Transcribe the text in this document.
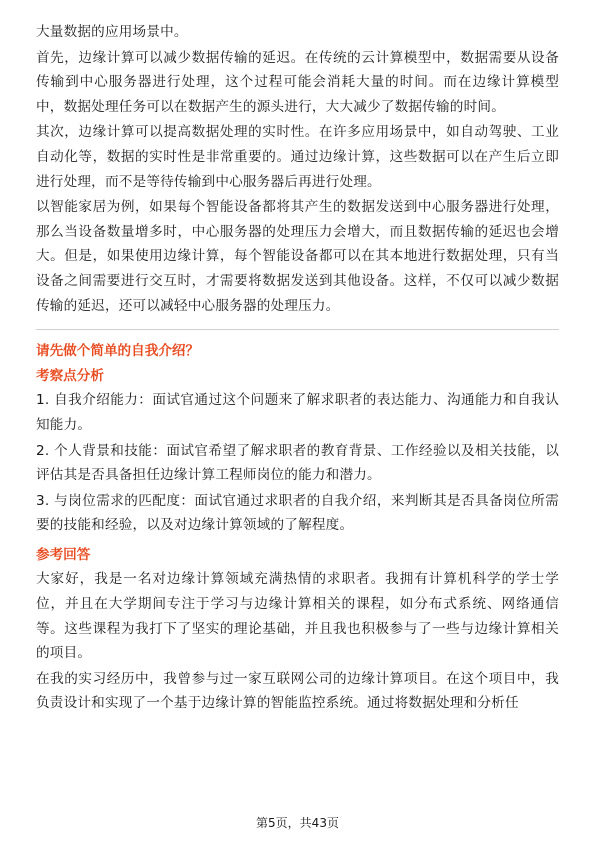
大量数据的应用场景中。

首先，边缘计算可以减少数据传输的延迟。在传统的云计算模型中，数据需要从设备传输到中心服务器进行处理，这个过程可能会消耗大量的时间。而在边缘计算模型中，数据处理任务可以在数据产生的源头进行，大大减少了数据传输的时间。

其次，边缘计算可以提高数据处理的实时性。在许多应用场景中，如自动驾驶、工业自动化等，数据的实时性是非常重要的。通过边缘计算，这些数据可以在产生后立即进行处理，而不是等待传输到中心服务器后再进行处理。

以智能家居为例，如果每个智能设备都将其产生的数据发送到中心服务器进行处理，那么当设备数量增多时，中心服务器的处理压力会增大，而且数据传输的延迟也会增大。但是，如果使用边缘计算，每个智能设备都可以在其本地进行数据处理，只有当设备之间需要进行交互时，才需要将数据发送到其他设备。这样，不仅可以减少数据传输的延迟，还可以减轻中心服务器的处理压力。

请先做个简单的自我介绍？

考察点分析

1. 自我介绍能力：面试官通过这个问题来了解求职者的表达能力、沟通能力和自我认知能力。

2. 个人背景和技能：面试官希望了解求职者的教育背景、工作经验以及相关技能，以评估其是否具备担任边缘计算工程师岗位的能力和潜力。

3. 与岗位需求的匹配度：面试官通过求职者的自我介绍，来判断其是否具备岗位所需要的技能和经验，以及对边缘计算领域的了解程度。

参考回答

大家好，我是一名对边缘计算领域充满热情的求职者。我拥有计算机科学的学士学位，并且在大学期间专注于学习与边缘计算相关的课程，如分布式系统、网络通信等。这些课程为我打下了坚实的理论基础，并且我也积极参与了一些与边缘计算相关的项目。

在我的实习经历中，我曾参与过一家互联网公司的边缘计算项目。在这个项目中，我负责设计和实现了一个基于边缘计算的智能监控系统。通过将数据处理和分析任

第5页，共43页
